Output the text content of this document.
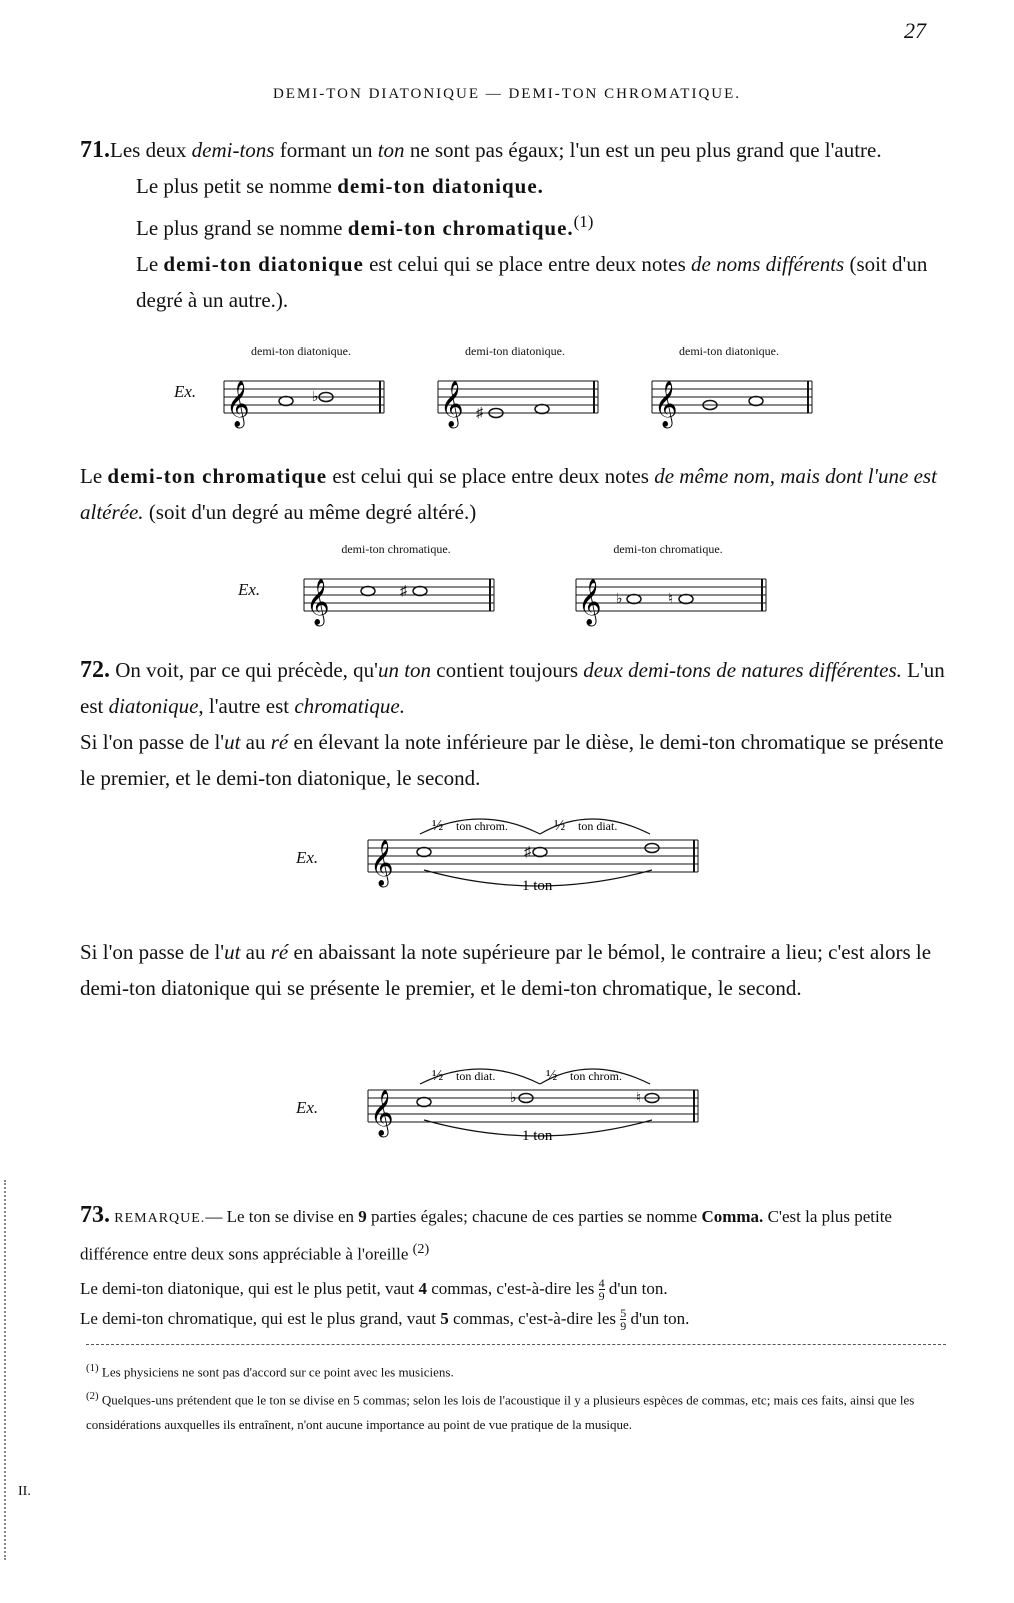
27
DEMI-TON DIATONIQUE — DEMI-TON CHROMATIQUE.
71.Les deux demi-tons formant un ton ne sont pas égaux; l'un est un peu plus grand que l'autre.
Le plus petit se nomme demi-ton diatonique.
Le plus grand se nomme demi-ton chromatique.$^{(1)}$
Le demi-ton diatonique est celui qui se place entre deux notes de noms différents (soit d'un degré à un autre.).
Ex.
demi-ton diatonique.
𝄞	♭
demi-ton diatonique.
𝄞 ♯
demi-ton diatonique.
𝄞
Le demi-ton chromatique est celui qui se place entre deux notes de même nom, mais dont l'une est altérée. (soit d'un degré au même degré altéré.)
Ex.
demi-ton chromatique.
𝄞	♯
demi-ton chromatique.
𝄞 ♭	♮
72. On voit, par ce qui précède, qu'un ton contient toujours deux demi-tons de natures différentes. L'un est diatonique, l'autre est chromatique.
Si l'on passe de l'ut au ré en élevant la note inférieure par le dièse, le demi-ton chromatique se présente le premier, et le demi-ton diatonique, le second.
Ex.
½ ton chrom.	½ ton diat.
𝄞	♯
1 ton
Si l'on passe de l'ut au ré en abaissant la note supérieure par le bémol, le contraire a lieu; c'est alors le demi-ton diatonique qui se présente le premier, et le demi-ton chromatique, le second.
Ex.
½ ton diat.	½ ton chrom.
𝄞	♭	♮
1 ton
73. REMARQUE.— Le ton se divise en 9 parties égales; chacune de ces parties se nomme Comma. C'est la plus petite différence entre deux sons appréciable à l'oreille $^{(2)}$
Le demi-ton diatonique, qui est le plus petit, vaut 4 commas, c'est-à-dire les $\frac{4}{9} d'un$ ton.
Le demi-ton chromatique, qui est le plus grand, vaut 5 commas, c'est-à-dire les $\frac{5}{9} d'un$ ton.
$^{(1)}$ Les physiciens ne sont pas d'accord sur ce point avec les musiciens.
$^{(2)}$ Quelques-uns prétendent que le ton se divise en 5 commas; selon les lois de l'acoustique il y a plusieurs espèces de commas, etc; mais ces faits, ainsi que les considérations auxquelles ils entraînent, n'ont aucune importance au point de vue pratique de la musique.
II.
